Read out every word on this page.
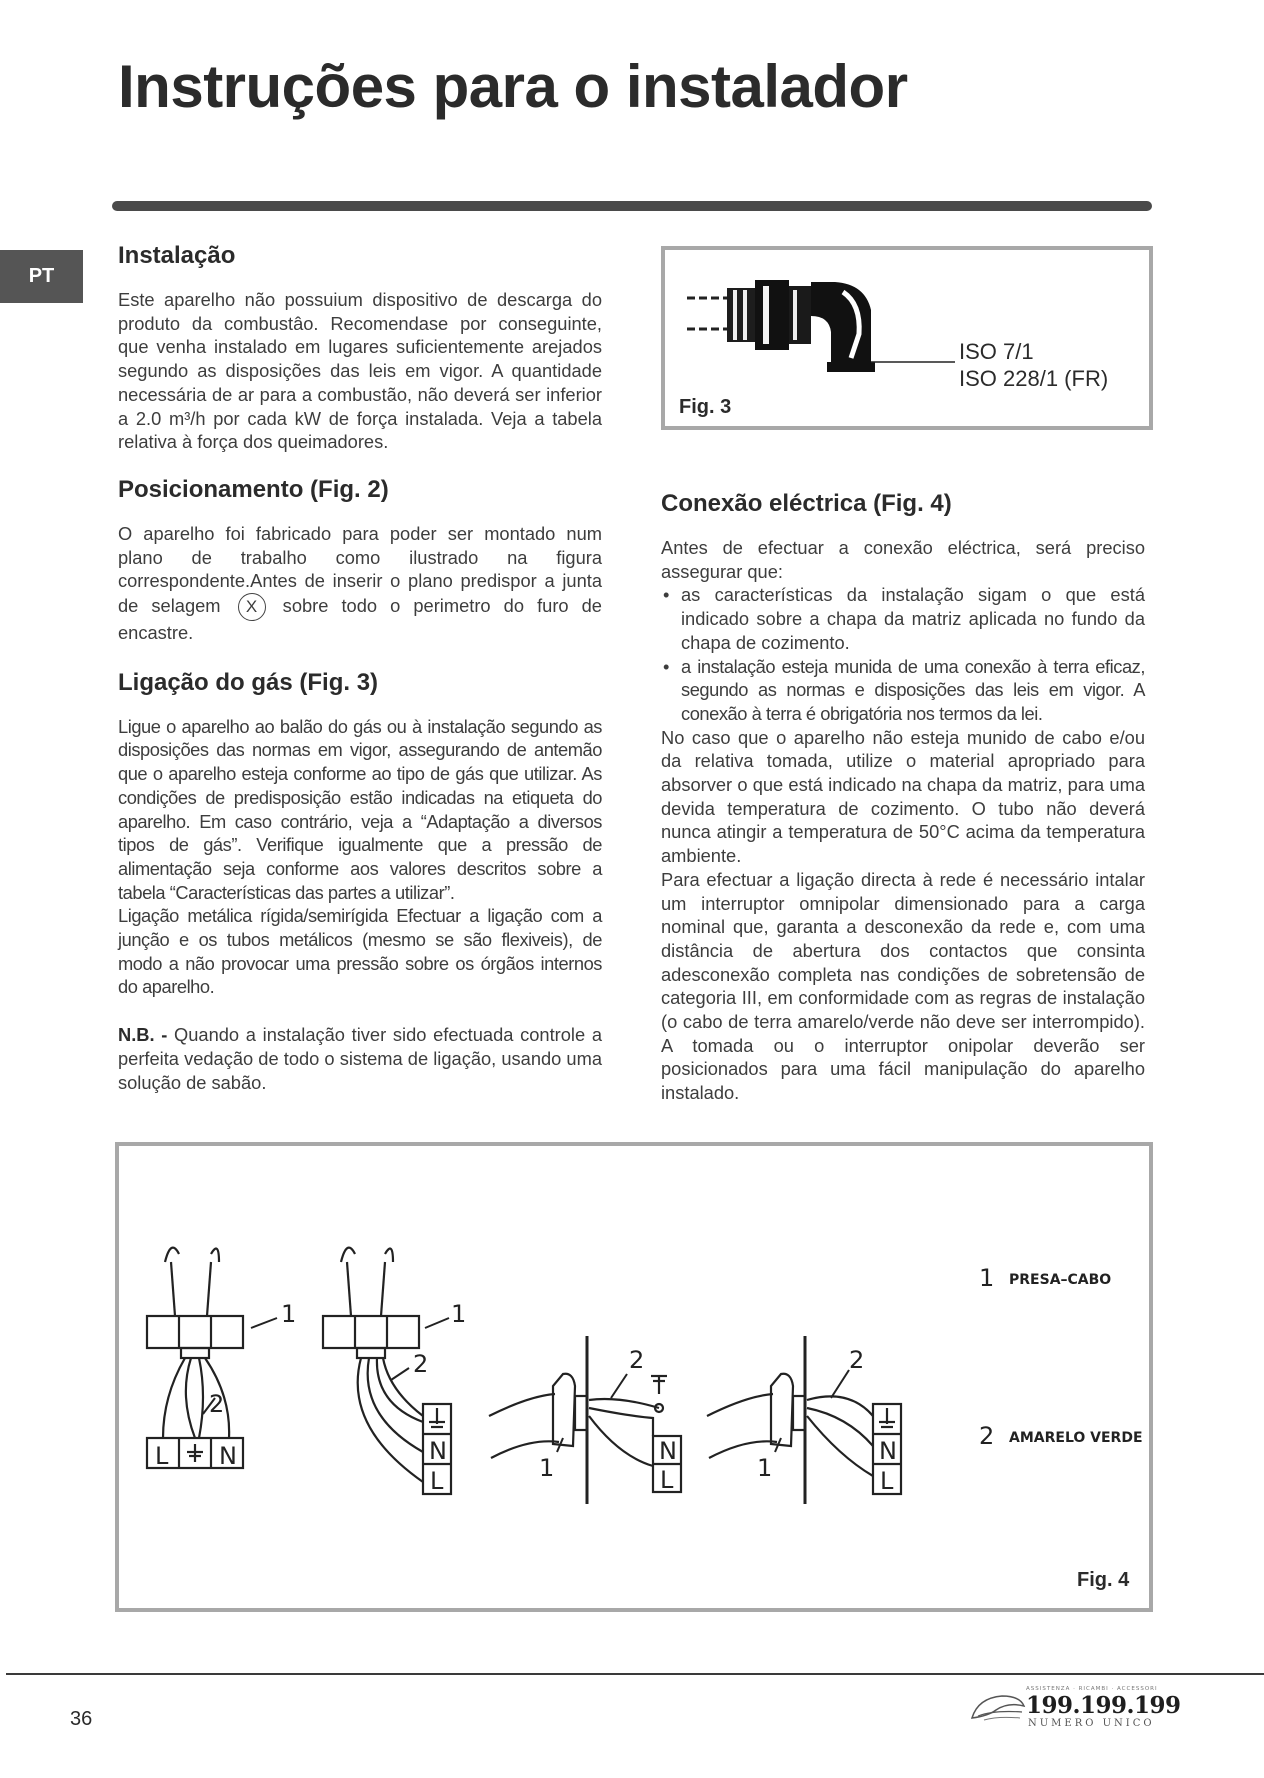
Instruções para o instalador
PT
Instalação

Este aparelho não possuium dispositivo de descarga do produto da combustâo. Recomendase por conseguinte, que venha instalado em lugares suficientemente arejados segundo as disposições das leis em vigor. A quantidade necessária de ar para a combustão, não deverá ser inferior a 2.0 m³/h por cada kW de força instalada. Veja a tabela relativa à força dos queimadores.

Posicionamento (Fig. 2)

O aparelho foi fabricado para poder ser montado num plano de trabalho como ilustrado na figura correspondente.Antes de inserir o plano predispor a junta de selagem X sobre todo o perimetro do furo de encastre.

Ligação do gás (Fig. 3)

Ligue o aparelho ao balão do gás ou à instalação segundo as disposições das normas em vigor, assegurando de antemão que o aparelho esteja conforme ao tipo de gás que utilizar. As condições de predisposição estão indicadas na etiqueta do aparelho. Em caso contrário, veja a “Adaptação a diversos tipos de gás”. Verifique igualmente que a pressão de alimentação seja conforme aos valores descritos sobre a tabela “Características das partes a utilizar”.

Ligação metálica rígida/semirígida Efectuar a ligação com a junção e os tubos metálicos (mesmo se são flexiveis), de modo a não provocar uma pressão sobre os órgãos internos do aparelho.

N.B. - Quando a instalação tiver sido efectuada controle a perfeita vedação de todo o sistema de ligação, usando uma solução de sabão.

ISO 7/1
ISO 228/1 (FR)
Fig. 3
Conexão eléctrica (Fig. 4)

Antes de efectuar a conexão eléctrica, será preciso assegurar que:

• as características da instalação sigam o que está indicado sobre a chapa da matriz aplicada no fundo da chapa de cozimento.
• a instalação esteja munida de uma conexão à terra eficaz, segundo as normas e disposições das leis em vigor. A conexão à terra é obrigatória nos termos da lei.

No caso que o aparelho não esteja munido de cabo e/ou da relativa tomada, utilize o material apropriado para absorver o que está indicado na chapa da matriz, para uma devida temperatura de cozimento. O tubo não deverá nunca atingir a temperatura de 50°C acima da temperatura ambiente.

Para efectuar a ligação directa à rede é necessário intalar um interruptor omnipolar dimensionado para a carga nominal que, garanta a desconexão da rede e, com uma distância de abertura dos contactos que consinta adesconexão completa nas condições de sobretensão de categoria III, em conformidade com as regras de instalação (o cabo de terra amarelo/verde não deve ser interrompido). A tomada ou o interruptor onipolar deverão ser posicionados para uma fácil manipulação do aparelho instalado.

1
2
L N
1
2
N
L
2
1
N
L
2
1
N
L
1 PRESA–CABO
2 AMARELO VERDE
Fig. 4
36
ASSISTENZA · RICAMBI · ACCESSORI
199.199.199
NUMERO UNICO
